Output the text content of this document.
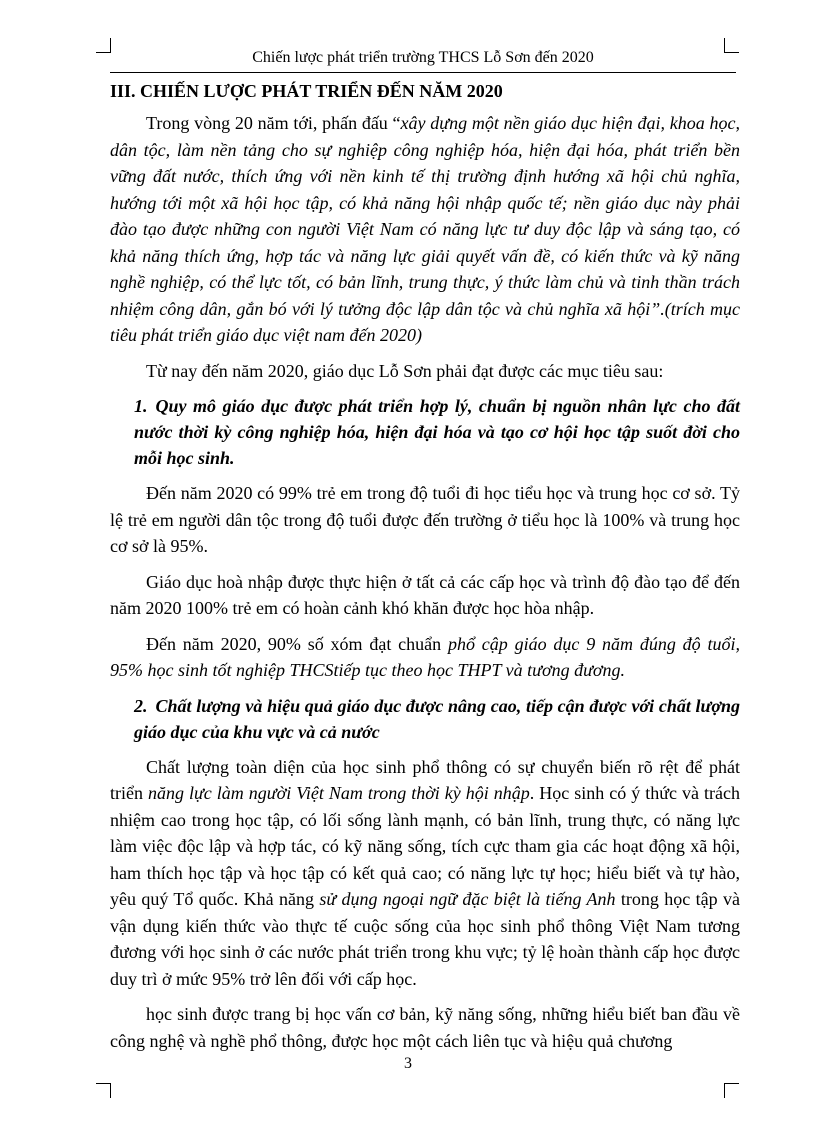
Chiến lược phát triển trường THCS Lỗ Sơn đến 2020
III. CHIẾN LƯỢC PHÁT TRIỂN ĐẾN NĂM 2020

Trong vòng 20 năm tới, phấn đấu “xây dựng một nền giáo dục hiện đại, khoa học, dân tộc, làm nền tảng cho sự nghiệp công nghiệp hóa, hiện đại hóa, phát triển bền vững đất nước, thích ứng với nền kinh tế thị trường định hướng xã hội chủ nghĩa, hướng tới một xã hội học tập, có khả năng hội nhập quốc tế; nền giáo dục này phải đào tạo được những con người Việt Nam có năng lực tư duy độc lập và sáng tạo, có khả năng thích ứng, hợp tác và năng lực giải quyết vấn đề, có kiến thức và kỹ năng nghề nghiệp, có thể lực tốt, có bản lĩnh, trung thực, ý thức làm chủ và tinh thần trách nhiệm công dân, gắn bó với lý tưởng độc lập dân tộc và chủ nghĩa xã hội”.(trích mục tiêu phát triển giáo dục việt nam đến 2020)

Từ nay đến năm 2020, giáo dục Lỗ Sơn phải đạt được các mục tiêu sau:

1. Quy mô giáo dục được phát triển hợp lý, chuẩn bị nguồn nhân lực cho đất nước thời kỳ công nghiệp hóa, hiện đại hóa và tạo cơ hội học tập suốt đời cho mỗi học sinh.

Đến năm 2020 có 99% trẻ em trong độ tuổi đi học tiểu học và trung học cơ sở. Tỷ lệ trẻ em người dân tộc trong độ tuổi được đến trường ở tiểu học là 100% và trung học cơ sở là 95%.

Giáo dục hoà nhập được thực hiện ở tất cả các cấp học và trình độ đào tạo để đến năm 2020 100% trẻ em có hoàn cảnh khó khăn được học hòa nhập.

Đến năm 2020, 90% số xóm đạt chuẩn phổ cập giáo dục 9 năm đúng độ tuổi, 95% học sinh tốt nghiệp THCStiếp tục theo học THPT và tương đương.

2. Chất lượng và hiệu quả giáo dục được nâng cao, tiếp cận được với chất lượng giáo dục của khu vực và cả nước

Chất lượng toàn diện của học sinh phổ thông có sự chuyển biến rõ rệt để phát triển năng lực làm người Việt Nam trong thời kỳ hội nhập. Học sinh có ý thức và trách nhiệm cao trong học tập, có lối sống lành mạnh, có bản lĩnh, trung thực, có năng lực làm việc độc lập và hợp tác, có kỹ năng sống, tích cực tham gia các hoạt động xã hội, ham thích học tập và học tập có kết quả cao; có năng lực tự học; hiểu biết và tự hào, yêu quý Tổ quốc. Khả năng sử dụng ngoại ngữ đặc biệt là tiếng Anh trong học tập và vận dụng kiến thức vào thực tế cuộc sống của học sinh phổ thông Việt Nam tương đương với học sinh ở các nước phát triển trong khu vực; tỷ lệ hoàn thành cấp học được duy trì ở mức 95% trở lên đối với cấp học.

học sinh được trang bị học vấn cơ bản, kỹ năng sống, những hiểu biết ban đầu về công nghệ và nghề phổ thông, được học một cách liên tục và hiệu quả chương

3
